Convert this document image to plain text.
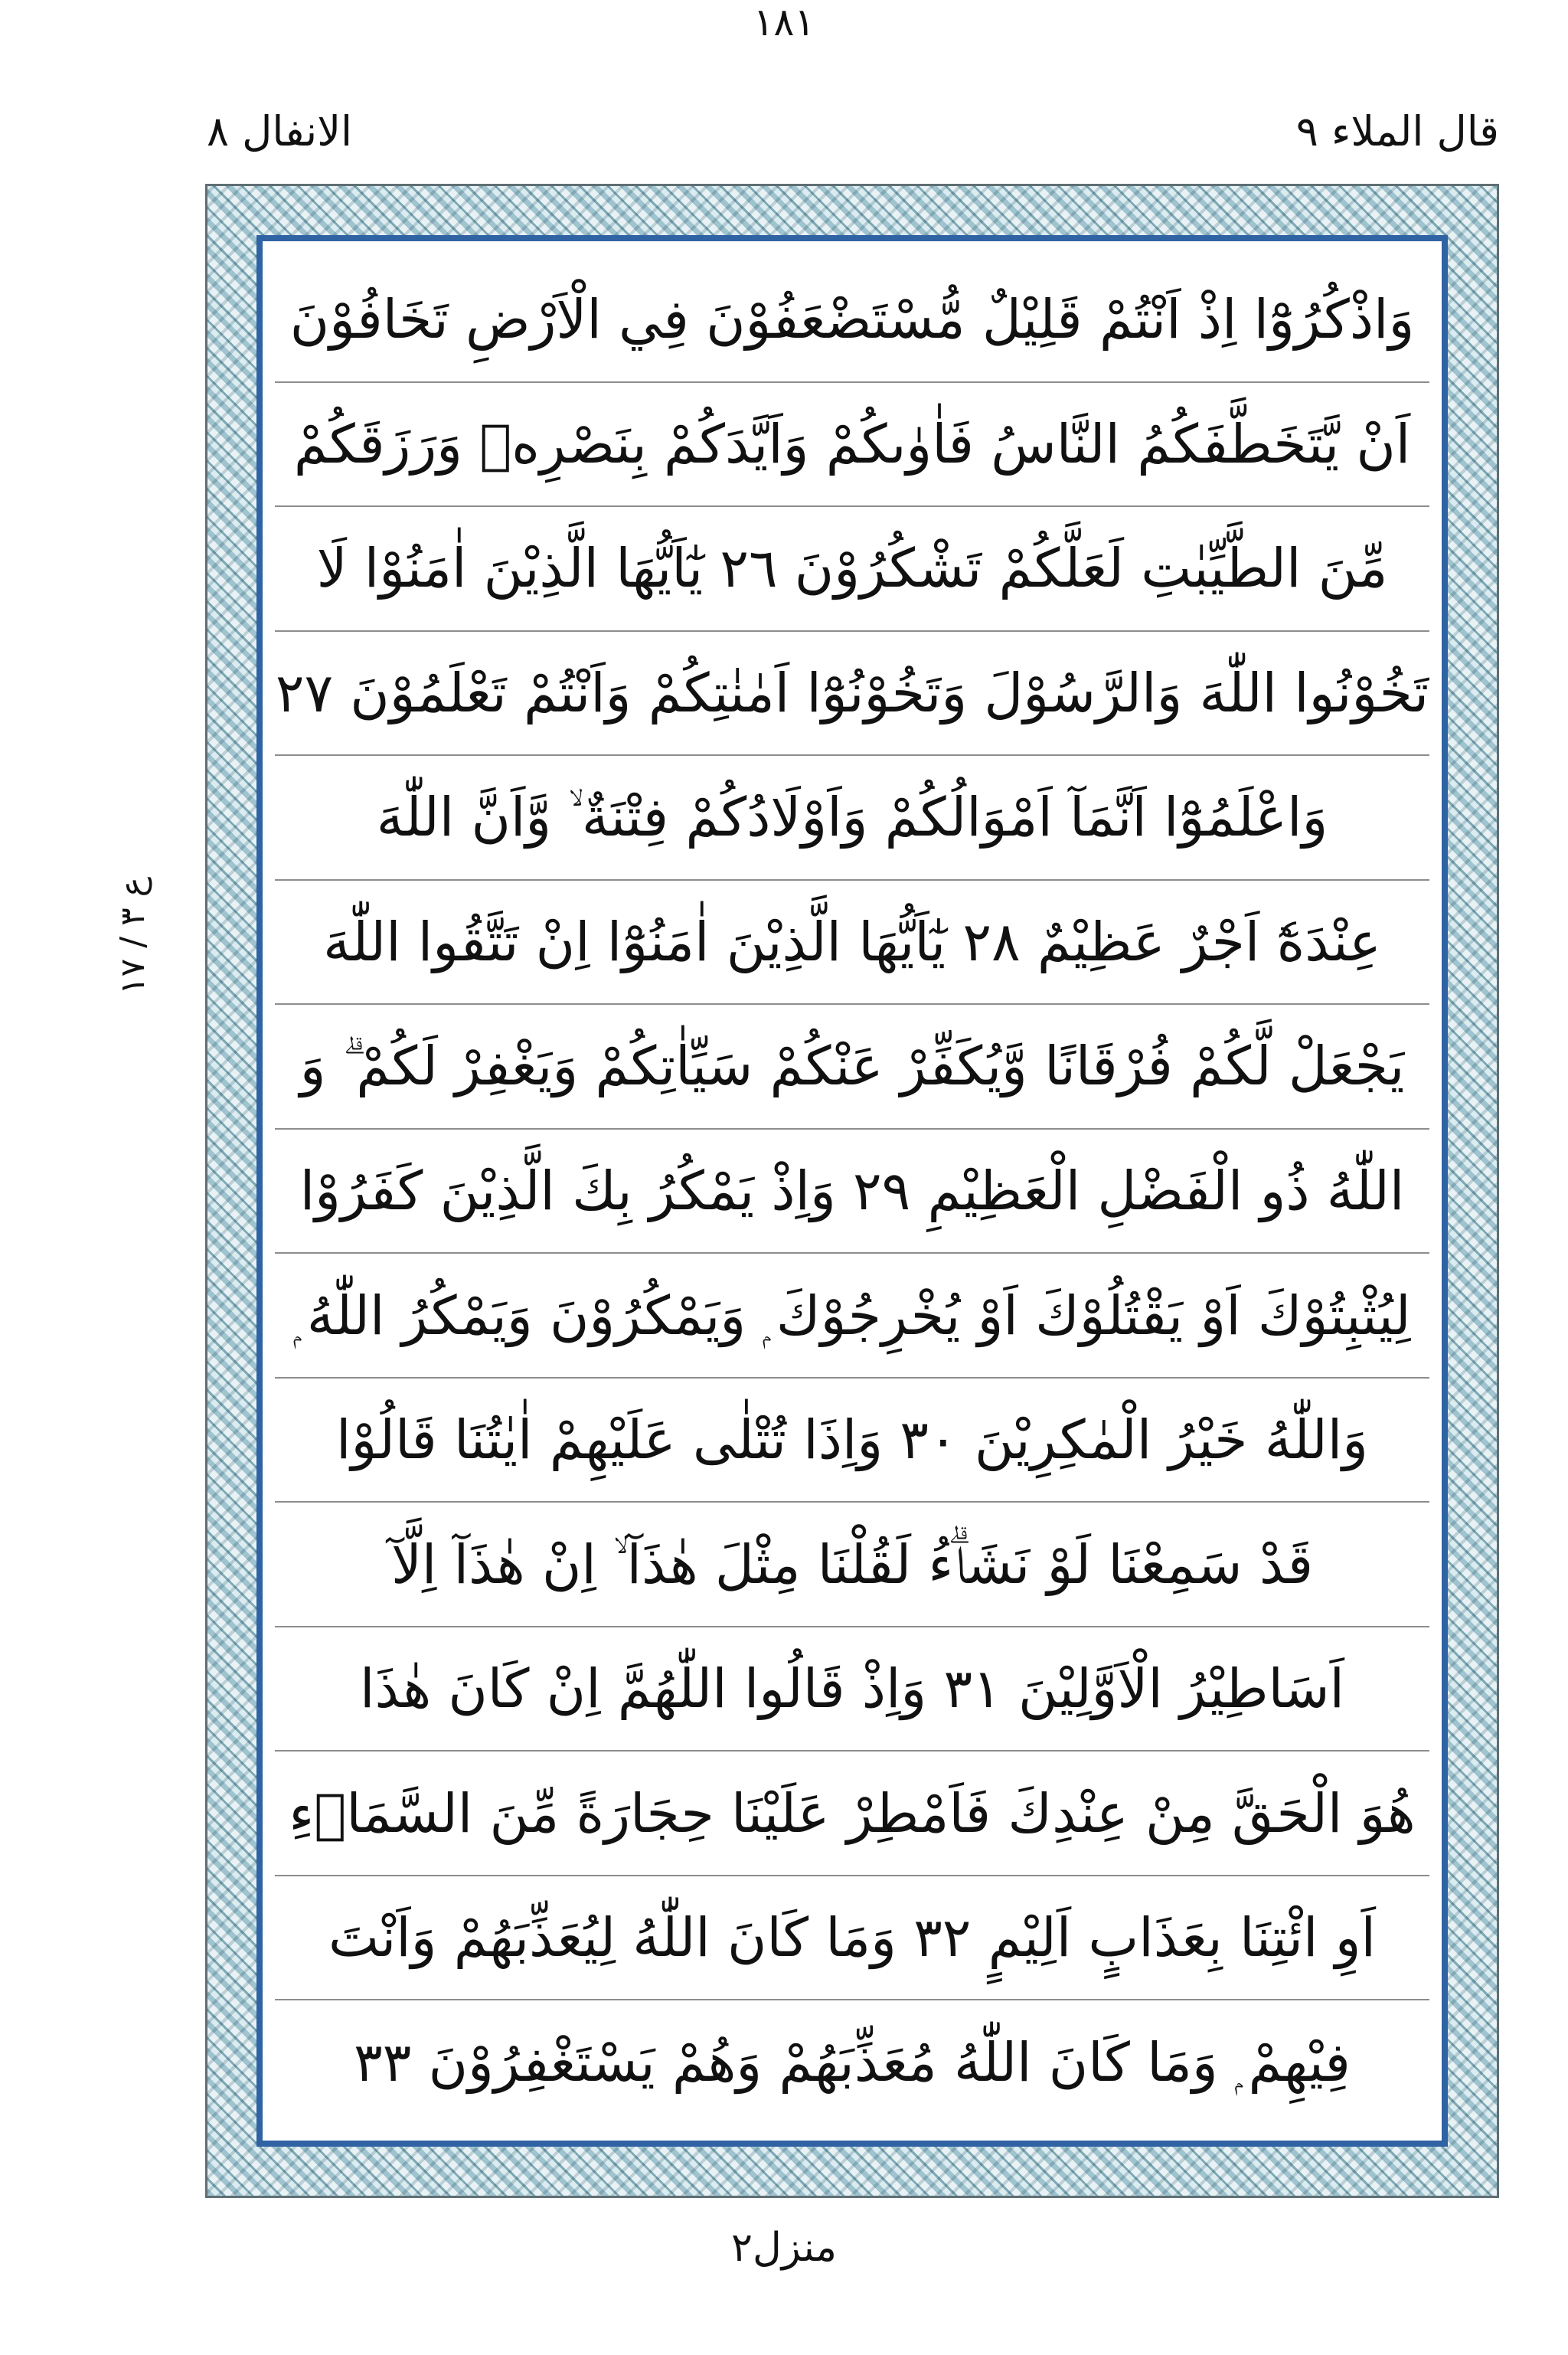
قال الملاء ٩
١٨١
الانفال ٨
ع ٣ / ١٧
وَاذْكُرُوْٓا اِذْ اَنْتُمْ قَلِيْلٌ مُّسْتَضْعَفُوْنَ فِي الْاَرْضِ تَخَافُوْنَ
اَنْ يَّتَخَطَّفَكُمُ النَّاسُ فَاٰوٰىكُمْ وَاَيَّدَكُمْ بِنَصْرِهٖ وَرَزَقَكُمْ
مِّنَ الطَّيِّبٰتِ لَعَلَّكُمْ تَشْكُرُوْنَ ٢٦ يٰٓاَيُّهَا الَّذِيْنَ اٰمَنُوْا لَا
تَخُوْنُوا اللّٰهَ وَالرَّسُوْلَ وَتَخُوْنُوْٓا اَمٰنٰتِكُمْ وَاَنْتُمْ تَعْلَمُوْنَ ٢٧
وَاعْلَمُوْٓا اَنَّمَآ اَمْوَالُكُمْ وَاَوْلَادُكُمْ فِتْنَةٌ ۙ وَّاَنَّ اللّٰهَ
عِنْدَهٗٓ اَجْرٌ عَظِيْمٌ ٢٨ يٰٓاَيُّهَا الَّذِيْنَ اٰمَنُوْٓا اِنْ تَتَّقُوا اللّٰهَ
يَجْعَلْ لَّكُمْ فُرْقَانًا وَّيُكَفِّرْ عَنْكُمْ سَيِّاٰتِكُمْ وَيَغْفِرْ لَكُمْ ۗ وَ
اللّٰهُ ذُو الْفَضْلِ الْعَظِيْمِ ٢٩ وَاِذْ يَمْكُرُ بِكَ الَّذِيْنَ كَفَرُوْا
لِيُثْبِتُوْكَ اَوْ يَقْتُلُوْكَ اَوْ يُخْرِجُوْكَ ۭ وَيَمْكُرُوْنَ وَيَمْكُرُ اللّٰهُ ۭ
وَاللّٰهُ خَيْرُ الْمٰكِرِيْنَ ٣٠ وَاِذَا تُتْلٰى عَلَيْهِمْ اٰيٰتُنَا قَالُوْا
قَدْ سَمِعْنَا لَوْ نَشَاۗءُ لَقُلْنَا مِثْلَ هٰذَآ ۙ اِنْ هٰذَآ اِلَّآ
اَسَاطِيْرُ الْاَوَّلِيْنَ ٣١ وَاِذْ قَالُوا اللّٰهُمَّ اِنْ كَانَ هٰذَا
هُوَ الْحَقَّ مِنْ عِنْدِكَ فَاَمْطِرْ عَلَيْنَا حِجَارَةً مِّنَ السَّمَاۗءِ
اَوِ ائْتِنَا بِعَذَابٍ اَلِيْمٍ ٣٢ وَمَا كَانَ اللّٰهُ لِيُعَذِّبَهُمْ وَاَنْتَ
فِيْهِمْ ۭ وَمَا كَانَ اللّٰهُ مُعَذِّبَهُمْ وَهُمْ يَسْتَغْفِرُوْنَ ٣٣
منزل٢
